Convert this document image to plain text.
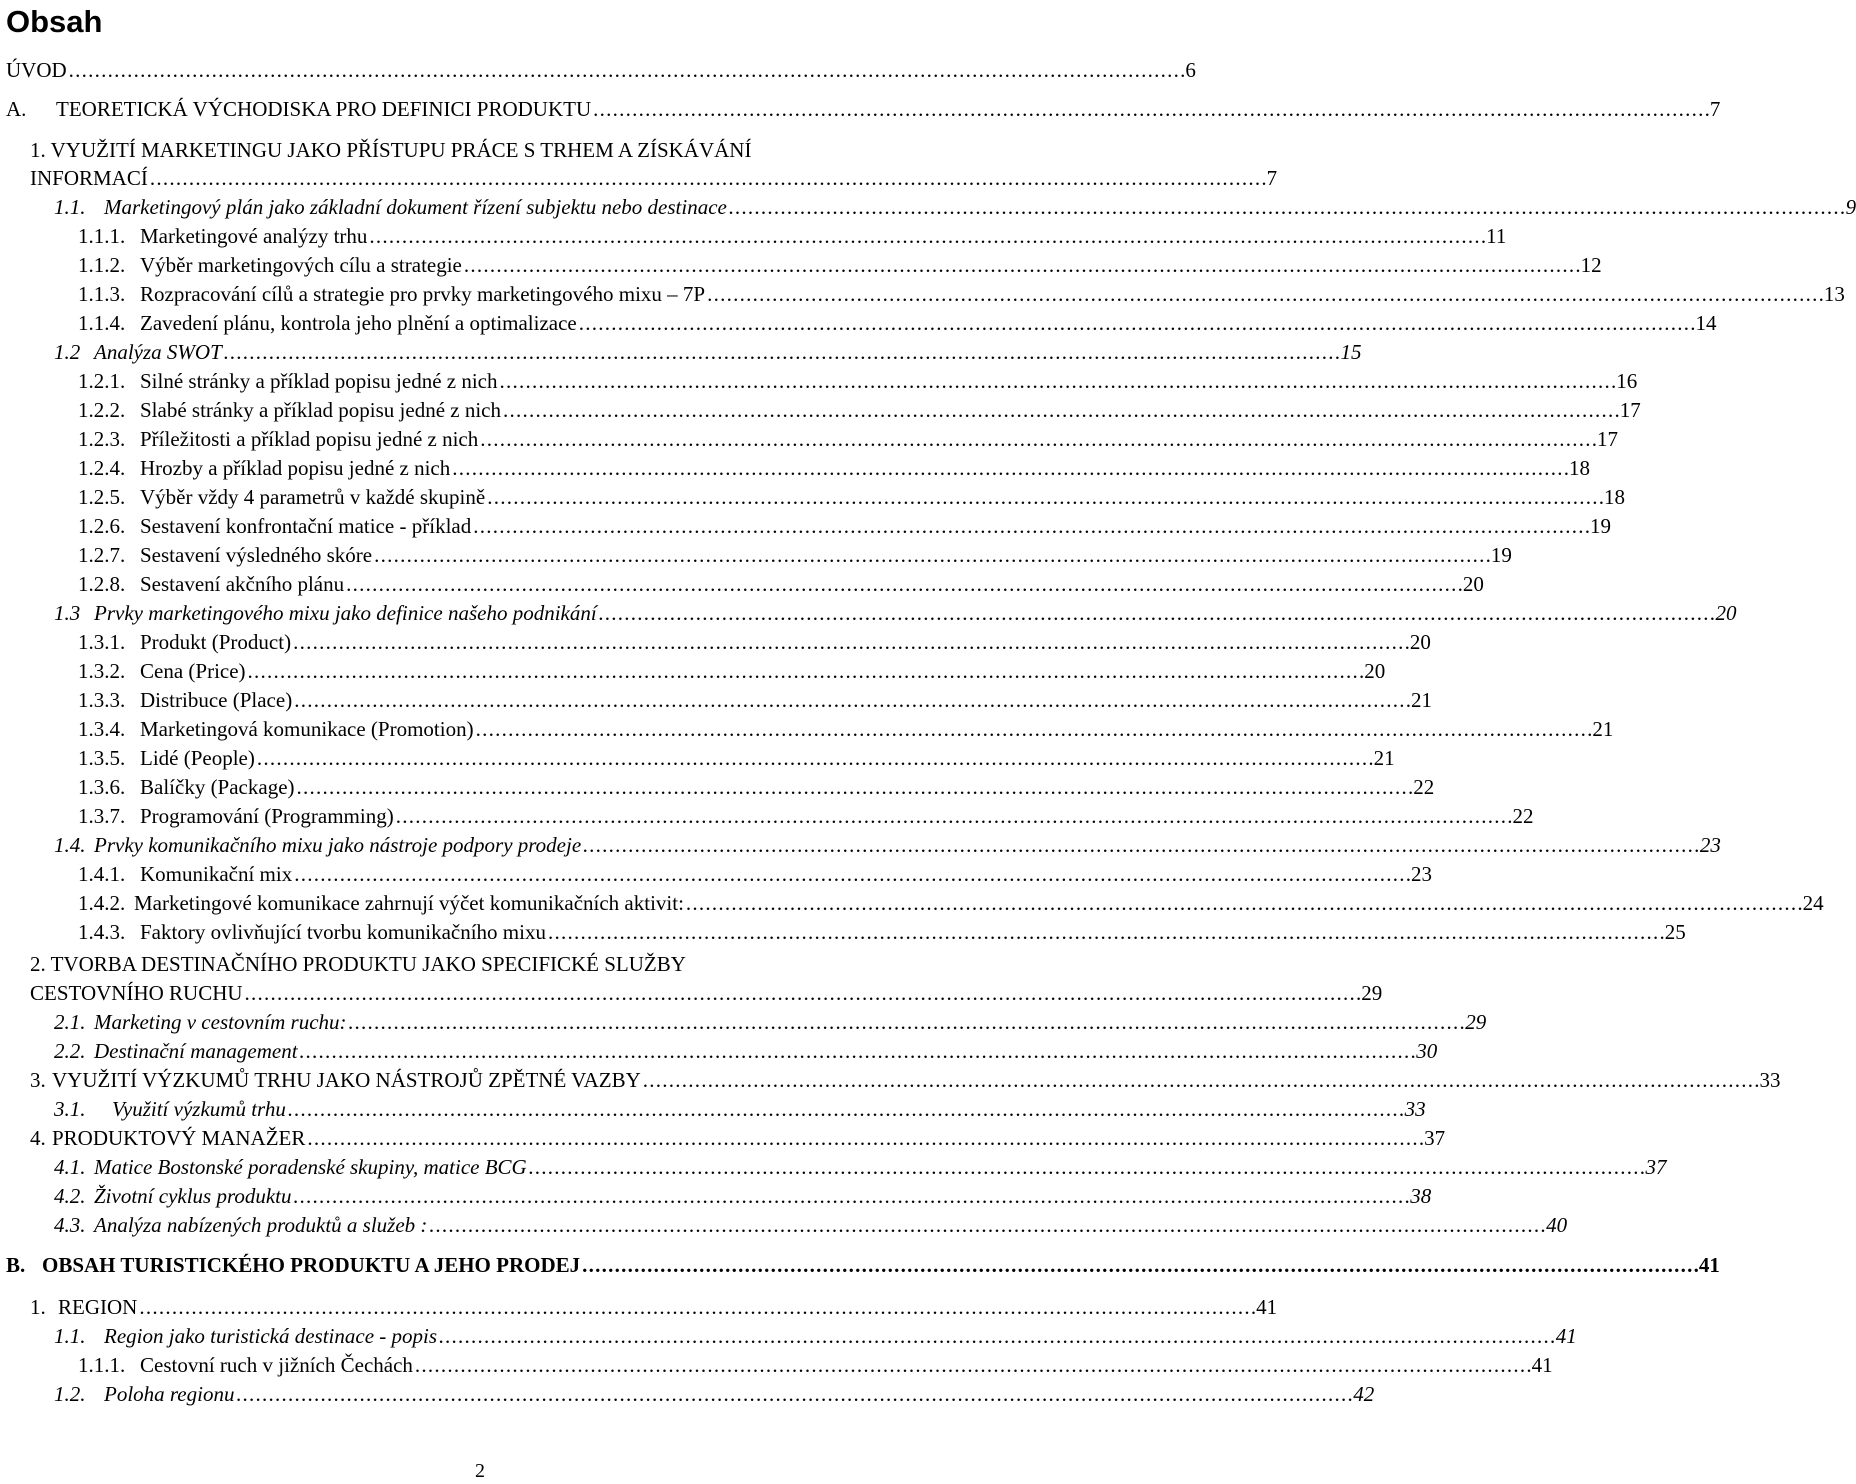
Obsah
ÚVOD . . .	6
A.	TEORETICKÁ VÝCHODISKA PRO DEFINICI PRODUKTU . . .	7
1. VYUŽITÍ MARKETINGU JAKO PŘÍSTUPU PRÁCE S TRHEM A ZÍSKÁVÁNÍ
INFORMACÍ . . .	7
1.1. Marketingový plán jako základní dokument řízení subjektu nebo destinace . . .	9
1.1.1. Marketingové analýzy trhu . . .	11
1.1.2. Výběr marketingových cílu a strategie . . .	12
1.1.3. Rozpracování cílů a strategie pro prvky marketingového mixu – 7P . . .	13
1.1.4. Zavedení plánu, kontrola jeho plnění a optimalizace . . .	14
1.2 Analýza SWOT . . .	15
1.2.1. Silné stránky a příklad popisu jedné z nich . . .	16
1.2.2. Slabé stránky a příklad popisu jedné z nich . . .	17
1.2.3. Příležitosti a příklad popisu jedné z nich . . .	17
1.2.4. Hrozby a příklad popisu jedné z nich . . .	18
1.2.5. Výběr vždy 4 parametrů v každé skupině . . .	18
1.2.6. Sestavení konfrontační matice - příklad . . .	19
1.2.7. Sestavení výsledného skóre . . .	19
1.2.8. Sestavení akčního plánu . . .	20
1.3 Prvky marketingového mixu jako definice našeho podnikání . . .	20
1.3.1. Produkt (Product) . . .	20
1.3.2. Cena (Price) . . .	20
1.3.3. Distribuce (Place) . . .	21
1.3.4. Marketingová komunikace (Promotion) . . .	21
1.3.5. Lidé (People) . . .	21
1.3.6. Balíčky (Package) . . .	22
1.3.7. Programování (Programming) . . .	22
1.4. Prvky komunikačního mixu jako nástroje podpory prodeje . . .	23
1.4.1. Komunikační mix . . .	23
1.4.2. Marketingové komunikace zahrnují výčet komunikačních aktivit: . . .	24
1.4.3. Faktory ovlivňující tvorbu komunikačního mixu . . .	25
2. TVORBA DESTINAČNÍHO PRODUKTU JAKO SPECIFICKÉ SLUŽBY
CESTOVNÍHO RUCHU . . .	29
2.1. Marketing v cestovním ruchu: . . .	29
2.2. Destinační management . . .	30
3. VYUŽITÍ VÝZKUMŮ TRHU JAKO NÁSTROJŮ ZPĚTNÉ VAZBY . . .	33
3.1.	Využití výzkumů trhu . . .	33
4. PRODUKTOVÝ MANAŽER . . .	37
4.1. Matice Bostonské poradenské skupiny, matice BCG . . .	37
4.2. Životní cyklus produktu . . .	38
4.3. Analýza nabízených produktů a služeb : . . .	40
B. OBSAH TURISTICKÉHO PRODUKTU A JEHO PRODEJ . . .	41
1. REGION . . .	41
1.1. Region jako turistická destinace - popis . . .	41
1.1.1. Cestovní ruch v jižních Čechách . . .	41
1.2. Poloha regionu . . .	42
2
